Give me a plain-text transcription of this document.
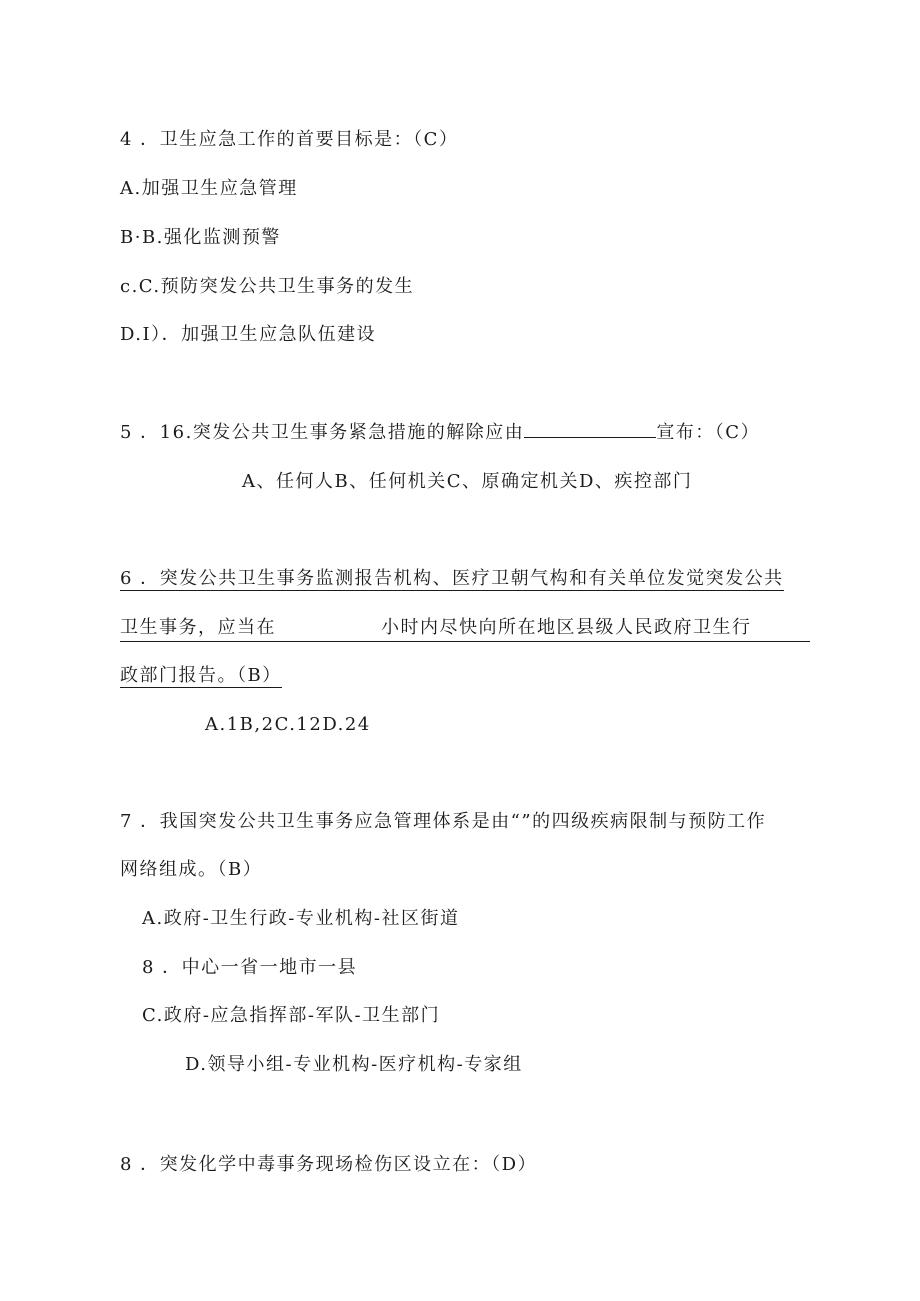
4 ．卫生应急工作的首要目标是：（C）
A.加强卫生应急管理
B·B.强化监测预警
c.C.预防突发公共卫生事务的发生
D.I）．加强卫生应急队伍建设
5 ．16.突发公共卫生事务紧急措施的解除应由	宣布：（C）
A、任何人B、任何机关C、原确定机关D、疾控部门
6 ．突发公共卫生事务监测报告机构、医疗卫朝气构和有关单位发觉突发公共
卫生事务，应当在	小时内尽快向所在地区县级人民政府卫生行
政部门报告。（B）
A.1B,2C.12D.24
7 ．我国突发公共卫生事务应急管理体系是由“”的四级疾病限制与预防工作
网络组成。（B）
A.政府-卫生行政-专业机构-社区街道
8 ．中心一省一地市一县
C.政府-应急指挥部-军队-卫生部门
D.领导小组-专业机构-医疗机构-专家组
8 ．突发化学中毒事务现场检伤区设立在：（D）
